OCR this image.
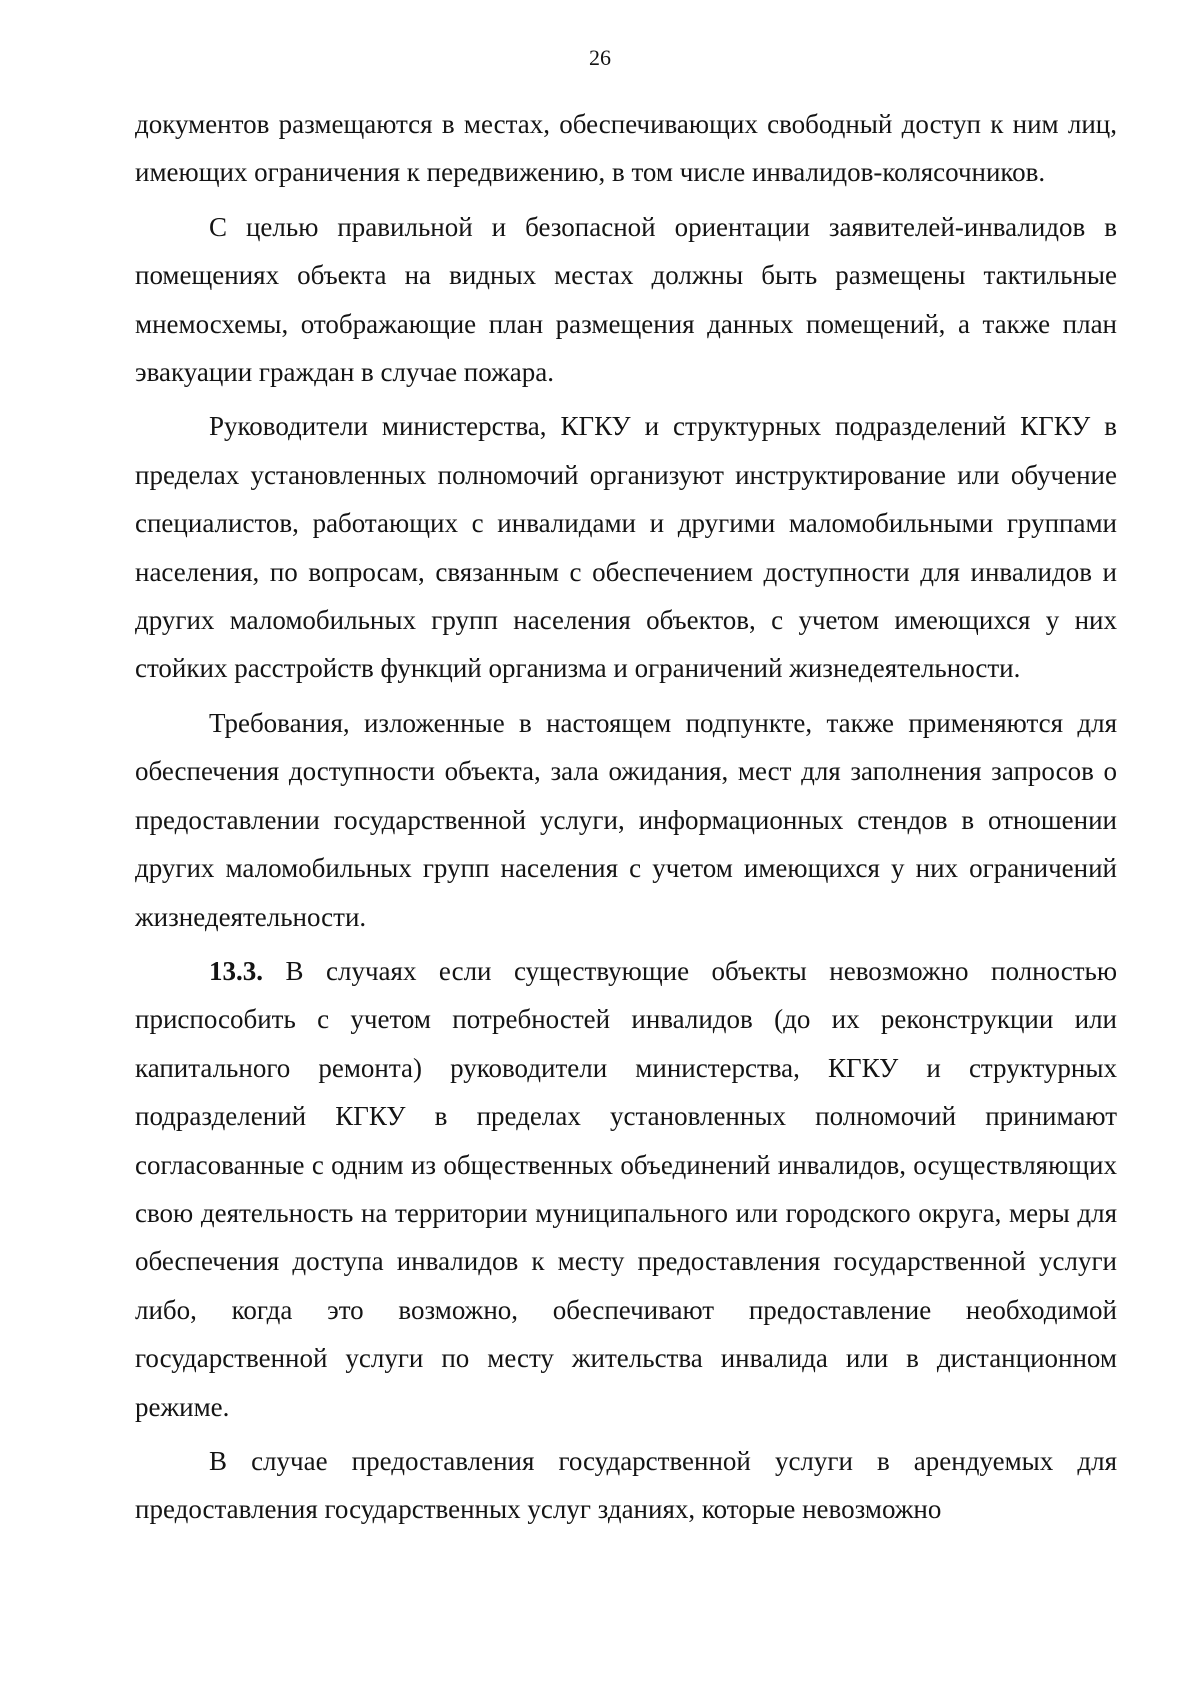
26

документов размещаются в местах, обеспечивающих свободный доступ к ним лиц, имеющих ограничения к передвижению, в том числе инвалидов-колясочников.

С целью правильной и безопасной ориентации заявителей-инвалидов в помещениях объекта на видных местах должны быть размещены тактильные мнемосхемы, отображающие план размещения данных помещений, а также план эвакуации граждан в случае пожара.

Руководители министерства, КГКУ и структурных подразделений КГКУ в пределах установленных полномочий организуют инструктирование или обучение специалистов, работающих с инвалидами и другими маломобильными группами населения, по вопросам, связанным с обеспечением доступности для инвалидов и других маломобильных групп населения объектов, с учетом имеющихся у них стойких расстройств функций организма и ограничений жизнедеятельности.

Требования, изложенные в настоящем подпункте, также применяются для обеспечения доступности объекта, зала ожидания, мест для заполнения запросов о предоставлении государственной услуги, информационных стендов в отношении других маломобильных групп населения с учетом имеющихся у них ограничений жизнедеятельности.

13.3. В случаях если существующие объекты невозможно полностью приспособить с учетом потребностей инвалидов (до их реконструкции или капитального ремонта) руководители министерства, КГКУ и структурных подразделений КГКУ в пределах установленных полномочий принимают согласованные с одним из общественных объединений инвалидов, осуществляющих свою деятельность на территории муниципального или городского округа, меры для обеспечения доступа инвалидов к месту предоставления государственной услуги либо, когда это возможно, обеспечивают предоставление необходимой государственной услуги по месту жительства инвалида или в дистанционном режиме.

В случае предоставления государственной услуги в арендуемых для предоставления государственных услуг зданиях, которые невозможно
